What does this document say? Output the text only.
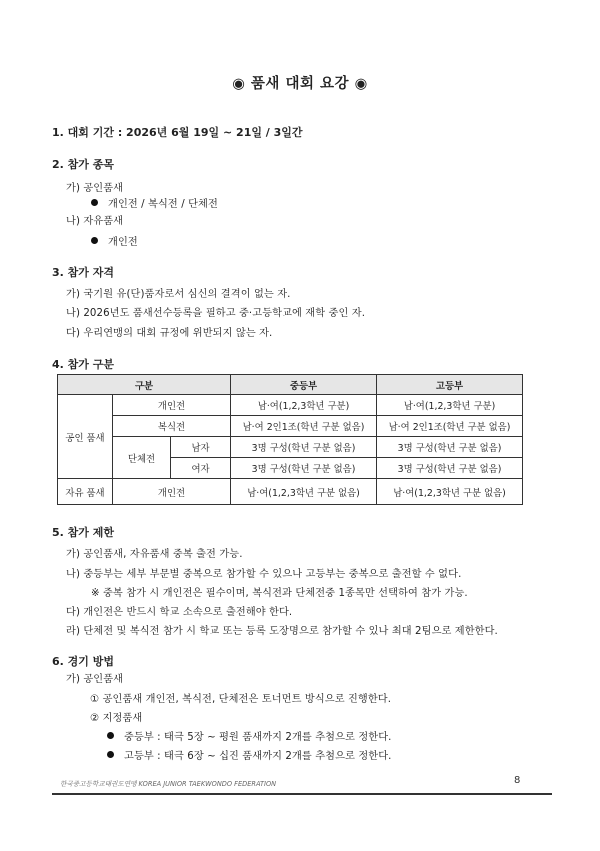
◉ 품새 대회 요강 ◉
1. 대회 기간 : 2026년 6월 19일 ~ 21일 / 3일간
2. 참가 종목
가) 공인품새
개인전 / 복식전 / 단체전
나) 자유품새
개인전
3. 참가 자격
가) 국기원 유(단)품자로서 심신의 결격이 없는 자.
나) 2026년도 품새선수등록을 필하고 중·고등학교에 재학 중인 자.
다) 우리연맹의 대회 규정에 위반되지 않는 자.
4. 참가 구분
구분			중등부	고등부
공인 품새	개인전		남·여(1,2,3학년 구분)	남·여(1,2,3학년 구분)
	복식전		남·여 2인1조(학년 구분 없음)	남·여 2인1조(학년 구분 없음)
	단체전	남자	3명 구성(학년 구분 없음)	3명 구성(학년 구분 없음)
		여자	3명 구성(학년 구분 없음)	3명 구성(학년 구분 없음)
자유 품새	개인전		남·여(1,2,3학년 구분 없음)	남·여(1,2,3학년 구분 없음)
5. 참가 제한
가) 공인품새, 자유품새 중복 출전 가능.
나) 중등부는 세부 부문별 중복으로 참가할 수 있으나 고등부는 중복으로 출전할 수 없다.
※ 중복 참가 시 개인전은 필수이며, 복식전과 단체전중 1종목만 선택하여 참가 가능.
다) 개인전은 반드시 학교 소속으로 출전해야 한다.
라) 단체전 및 복식전 참가 시 학교 또는 등록 도장명으로 참가할 수 있나 최대 2팀으로 제한한다.
6. 경기 방법
가) 공인품새
① 공인품새 개인전, 복식전, 단체전은 토너먼트 방식으로 진행한다.
② 지정품새
중등부 : 태극 5장 ~ 평원 품새까지 2개를 추첨으로 정한다.
고등부 : 태극 6장 ~ 십진 품새까지 2개를 추첨으로 정한다.
한국중고등학교태권도연맹 KOREA JUNIOR TAEKWONDO FEDERATION	8
